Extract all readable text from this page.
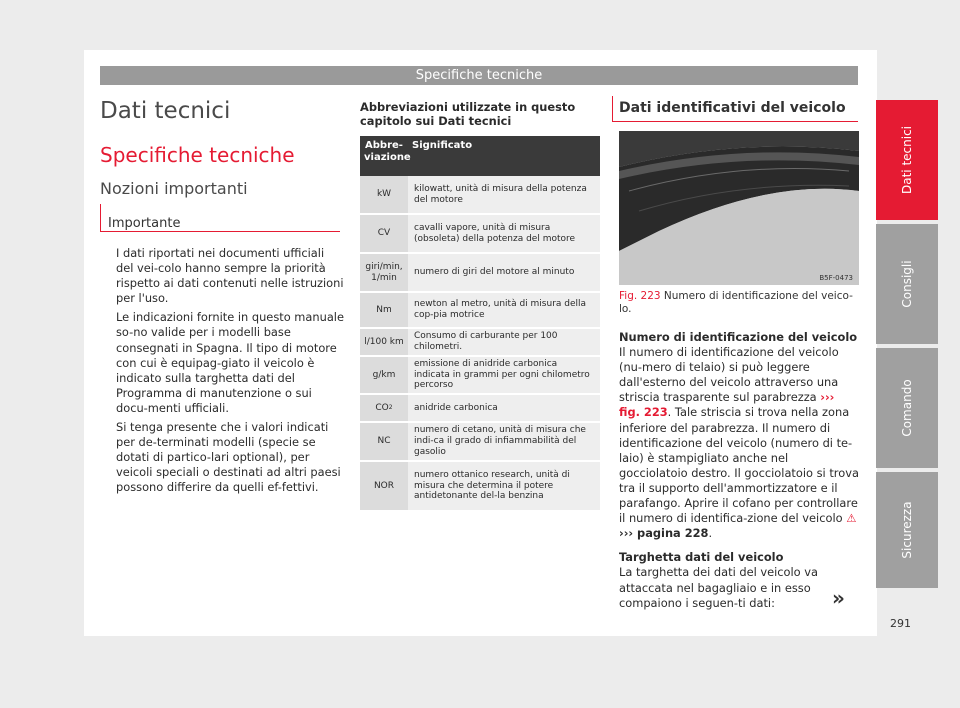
Specifiche tecniche
Dati tecnici
Specifiche tecniche
Nozioni importanti
Importante

I dati riportati nei documenti ufficiali del vei-colo hanno sempre la priorità rispetto ai dati contenuti nelle istruzioni per l'uso.

Le indicazioni fornite in questo manuale so-no valide per i modelli base consegnati in Spagna. Il tipo di motore con cui è equipag-giato il veicolo è indicato sulla targhetta dati del Programma di manutenzione o sui docu-menti ufficiali.

Si tenga presente che i valori indicati per de-terminati modelli (specie se dotati di partico-lari optional), per veicoli speciali o destinati ad altri paesi possono differire da quelli ef-fettivi.

Abbreviazioni utilizzate in questo capitolo sui Dati tecnici
Abbre-viazione
Significato
kW
kilowatt, unità di misura della potenza del motore
CV
cavalli vapore, unità di misura (obsoleta) della potenza del motore
giri/min, 1/min
numero di giri del motore al minuto
Nm
newton al metro, unità di misura della cop-pia motrice
l/100 km
Consumo di carburante per 100 chilometri.
g/km
emissione di anidride carbonica indicata in grammi per ogni chilometro percorso
CO 2	anidride carbonica
NC
numero di cetano, unità di misura che indi-ca il grado di infiammabilità del gasolio
NOR
numero ottanico research, unità di misura che determina il potere antidetonante del-la benzina
Dati identificativi del veicolo
B5F-0473
Fig. 223 Numero di identificazione del veico-lo.

Numero di identificazione del veicolo

Il numero di identificazione del veicolo (nu-mero di telaio) si può leggere dall'esterno del veicolo attraverso una striscia trasparente sul parabrezza ››› fig. 223. Tale striscia si trova nella zona inferiore del parabrezza. Il numero di identificazione del veicolo (numero di te-laio) è stampigliato anche nel gocciolatoio destro. Il gocciolatoio si trova tra il supporto dell'ammortizzatore e il parafango. Aprire il cofano per controllare il numero di identifica-zione del veicolo ⚠ ››› pagina 228.

Targhetta dati del veicolo

La targhetta dei dati del veicolo va attaccata nel bagagliaio e in esso compaiono i seguen-ti dati:	»
Dati tecnici
Consigli
Comando
Sicurezza
291
